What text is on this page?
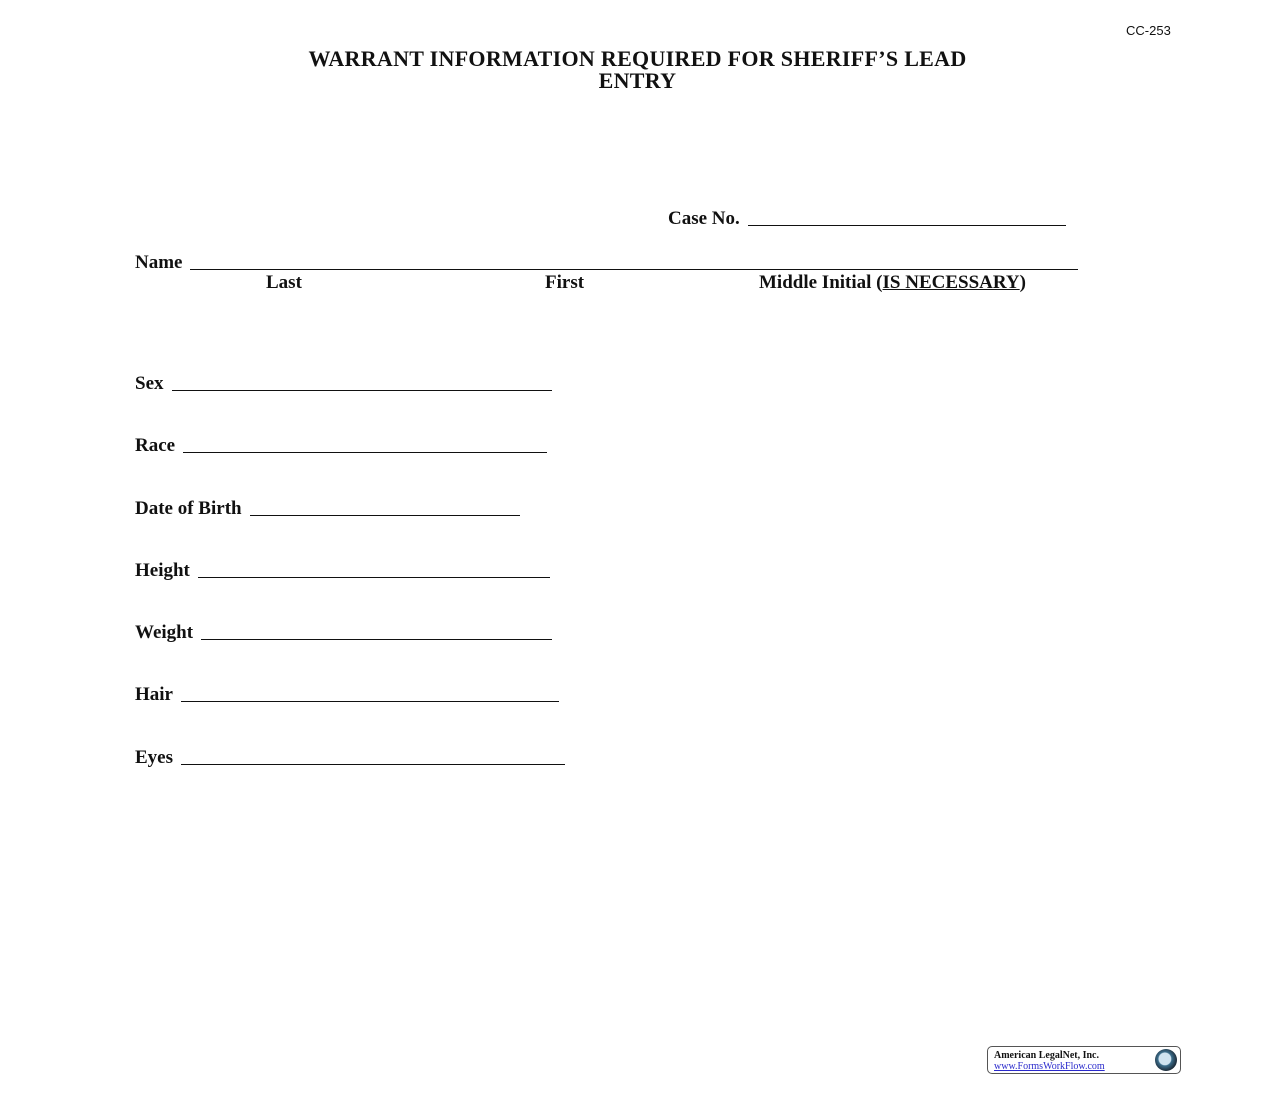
CC-253
WARRANT INFORMATION REQUIRED FOR SHERIFF’S LEAD
ENTRY
Case No.
Name
Last	First	Middle Initial (IS NECESSARY)
Sex
Race
Date of Birth
Height
Weight
Hair
Eyes
American LegalNet, Inc.
www.FormsWorkFlow.com
